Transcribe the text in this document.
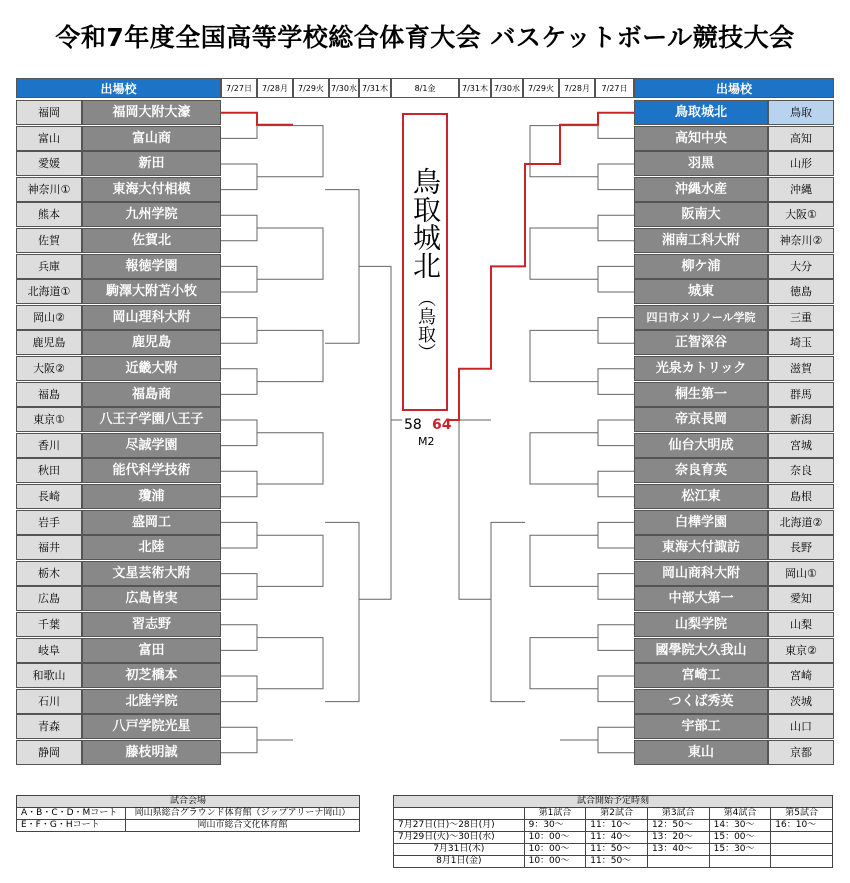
令和7年度全国高等学校総合体育大会 バスケットボール競技大会
出場校	出場校
7/27日	7/28月	7/29火 7/30水 7/31木	8/1金	7/31木 7/30水	7/29火	7/28月	7/27日
福岡	福岡大附大濠
富山	富山商
愛媛	新田
神奈川①	東海大付相模
熊本	九州学院
佐賀	佐賀北
兵庫	報徳学園
北海道①	駒澤大附苫小牧
岡山②	岡山理科大附
鹿児島	鹿児島
大阪②	近畿大附
福島	福島商
東京①	八王子学園八王子
香川	尽誠学園
秋田	能代科学技術
長崎	瓊浦
岩手	盛岡工
福井	北陸
栃木	文星芸術大附
広島	広島皆実
千葉	習志野
岐阜	富田
和歌山	初芝橋本
石川	北陸学院
青森	八戸学院光星
静岡	藤枝明誠
鳥取城北	鳥取
高知中央	高知
羽黒	山形
沖縄水産	沖縄
阪南大	大阪①
湘南工科大附	神奈川②
柳ケ浦	大分
城東	徳島
四日市メリノール学院	三重
正智深谷	埼玉
光泉カトリック	滋賀
桐生第一	群馬
帝京長岡	新潟
仙台大明成	宮城
奈良育英	奈良
松江東	島根
白樺学園	北海道②
東海大付諏訪	長野
岡山商科大附	岡山①
中部大第一	愛知
山梨学院	山梨
國學院大久我山	東京②
宮崎工	宮崎
つくば秀英	茨城
宇部工	山口
東山	京都
鳥取城北
（鳥取）
58 64
M2
試合会場	
A・B・C・D・Mコート	岡山県総合グラウンド体育館（ジップアリーナ岡山）
E・F・G・Hコート	岡山市総合文化体育館
試合開始予定時刻					
	第1試合	第2試合	第3試合	第4試合	第5試合
7月27日(日)～28日(月)	9：30～	11：10～	12：50～	14：30～	16：10～
7月29日(火)～30日(水)	10：00～	11：40～	13：20～	15：00～	
7月31日(木)	10：00～	11：50～	13：40～	15：30～	
8月1日(金)	10：00～	11：50～			
